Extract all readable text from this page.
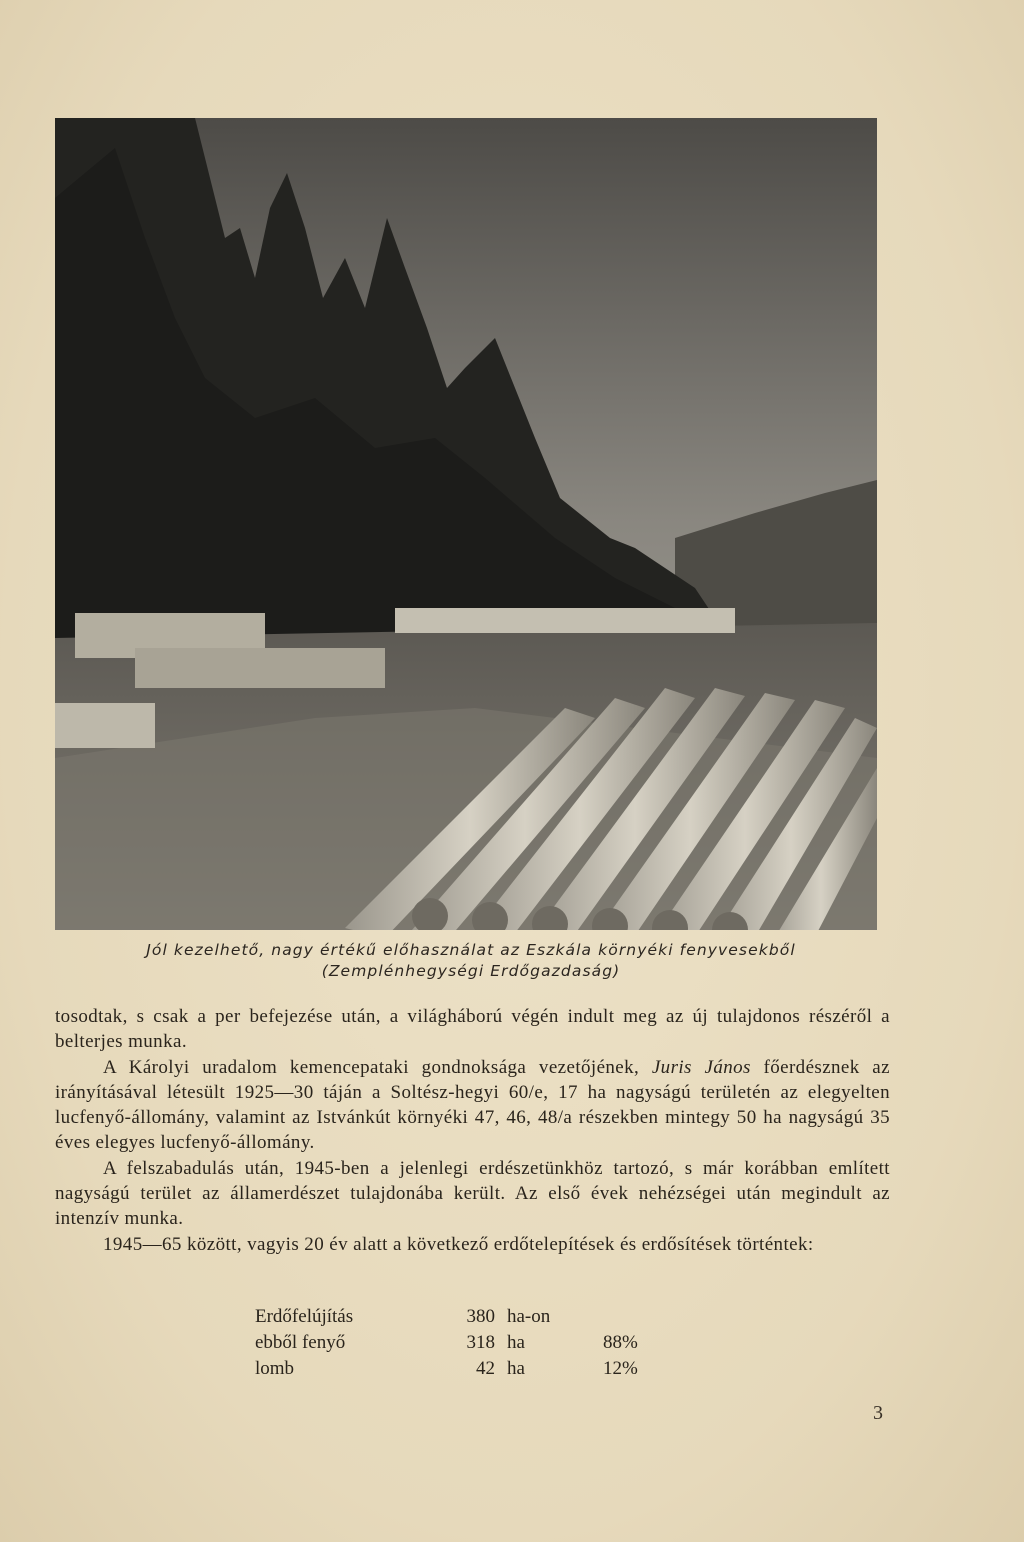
Jól kezelhető, nagy értékű előhasználat az Eszkála környéki fenyvesekből
(Zemplénhegységi Erdőgazdaság)

tosodtak, s csak a per befejezése után, a világháború végén indult meg az új tulajdonos részéről a belterjes munka.

A Károlyi uradalom kemencepataki gondnoksága vezetőjének, Juris János főerdésznek az irányításával létesült 1925—30 táján a Soltész-hegyi 60/e, 17 ha nagyságú területén az elegyelten lucfenyő-állomány, valamint az Istvánkút környéki 47, 46, 48/a részekben mintegy 50 ha nagyságú 35 éves elegyes lucfenyő-állomány.

A felszabadulás után, 1945-ben a jelenlegi erdészetünkhöz tartozó, s már korábban említett nagyságú terület az államerdészet tulajdonába került. Az első évek nehézségei után megindult az intenzív munka.

1945—65 között, vagyis 20 év alatt a következő erdőtelepítések és erdősítések történtek:

Erdőfelújítás	380 ha-on
ebből fenyő	318 ha	88%
lomb	42 ha	12%
3
